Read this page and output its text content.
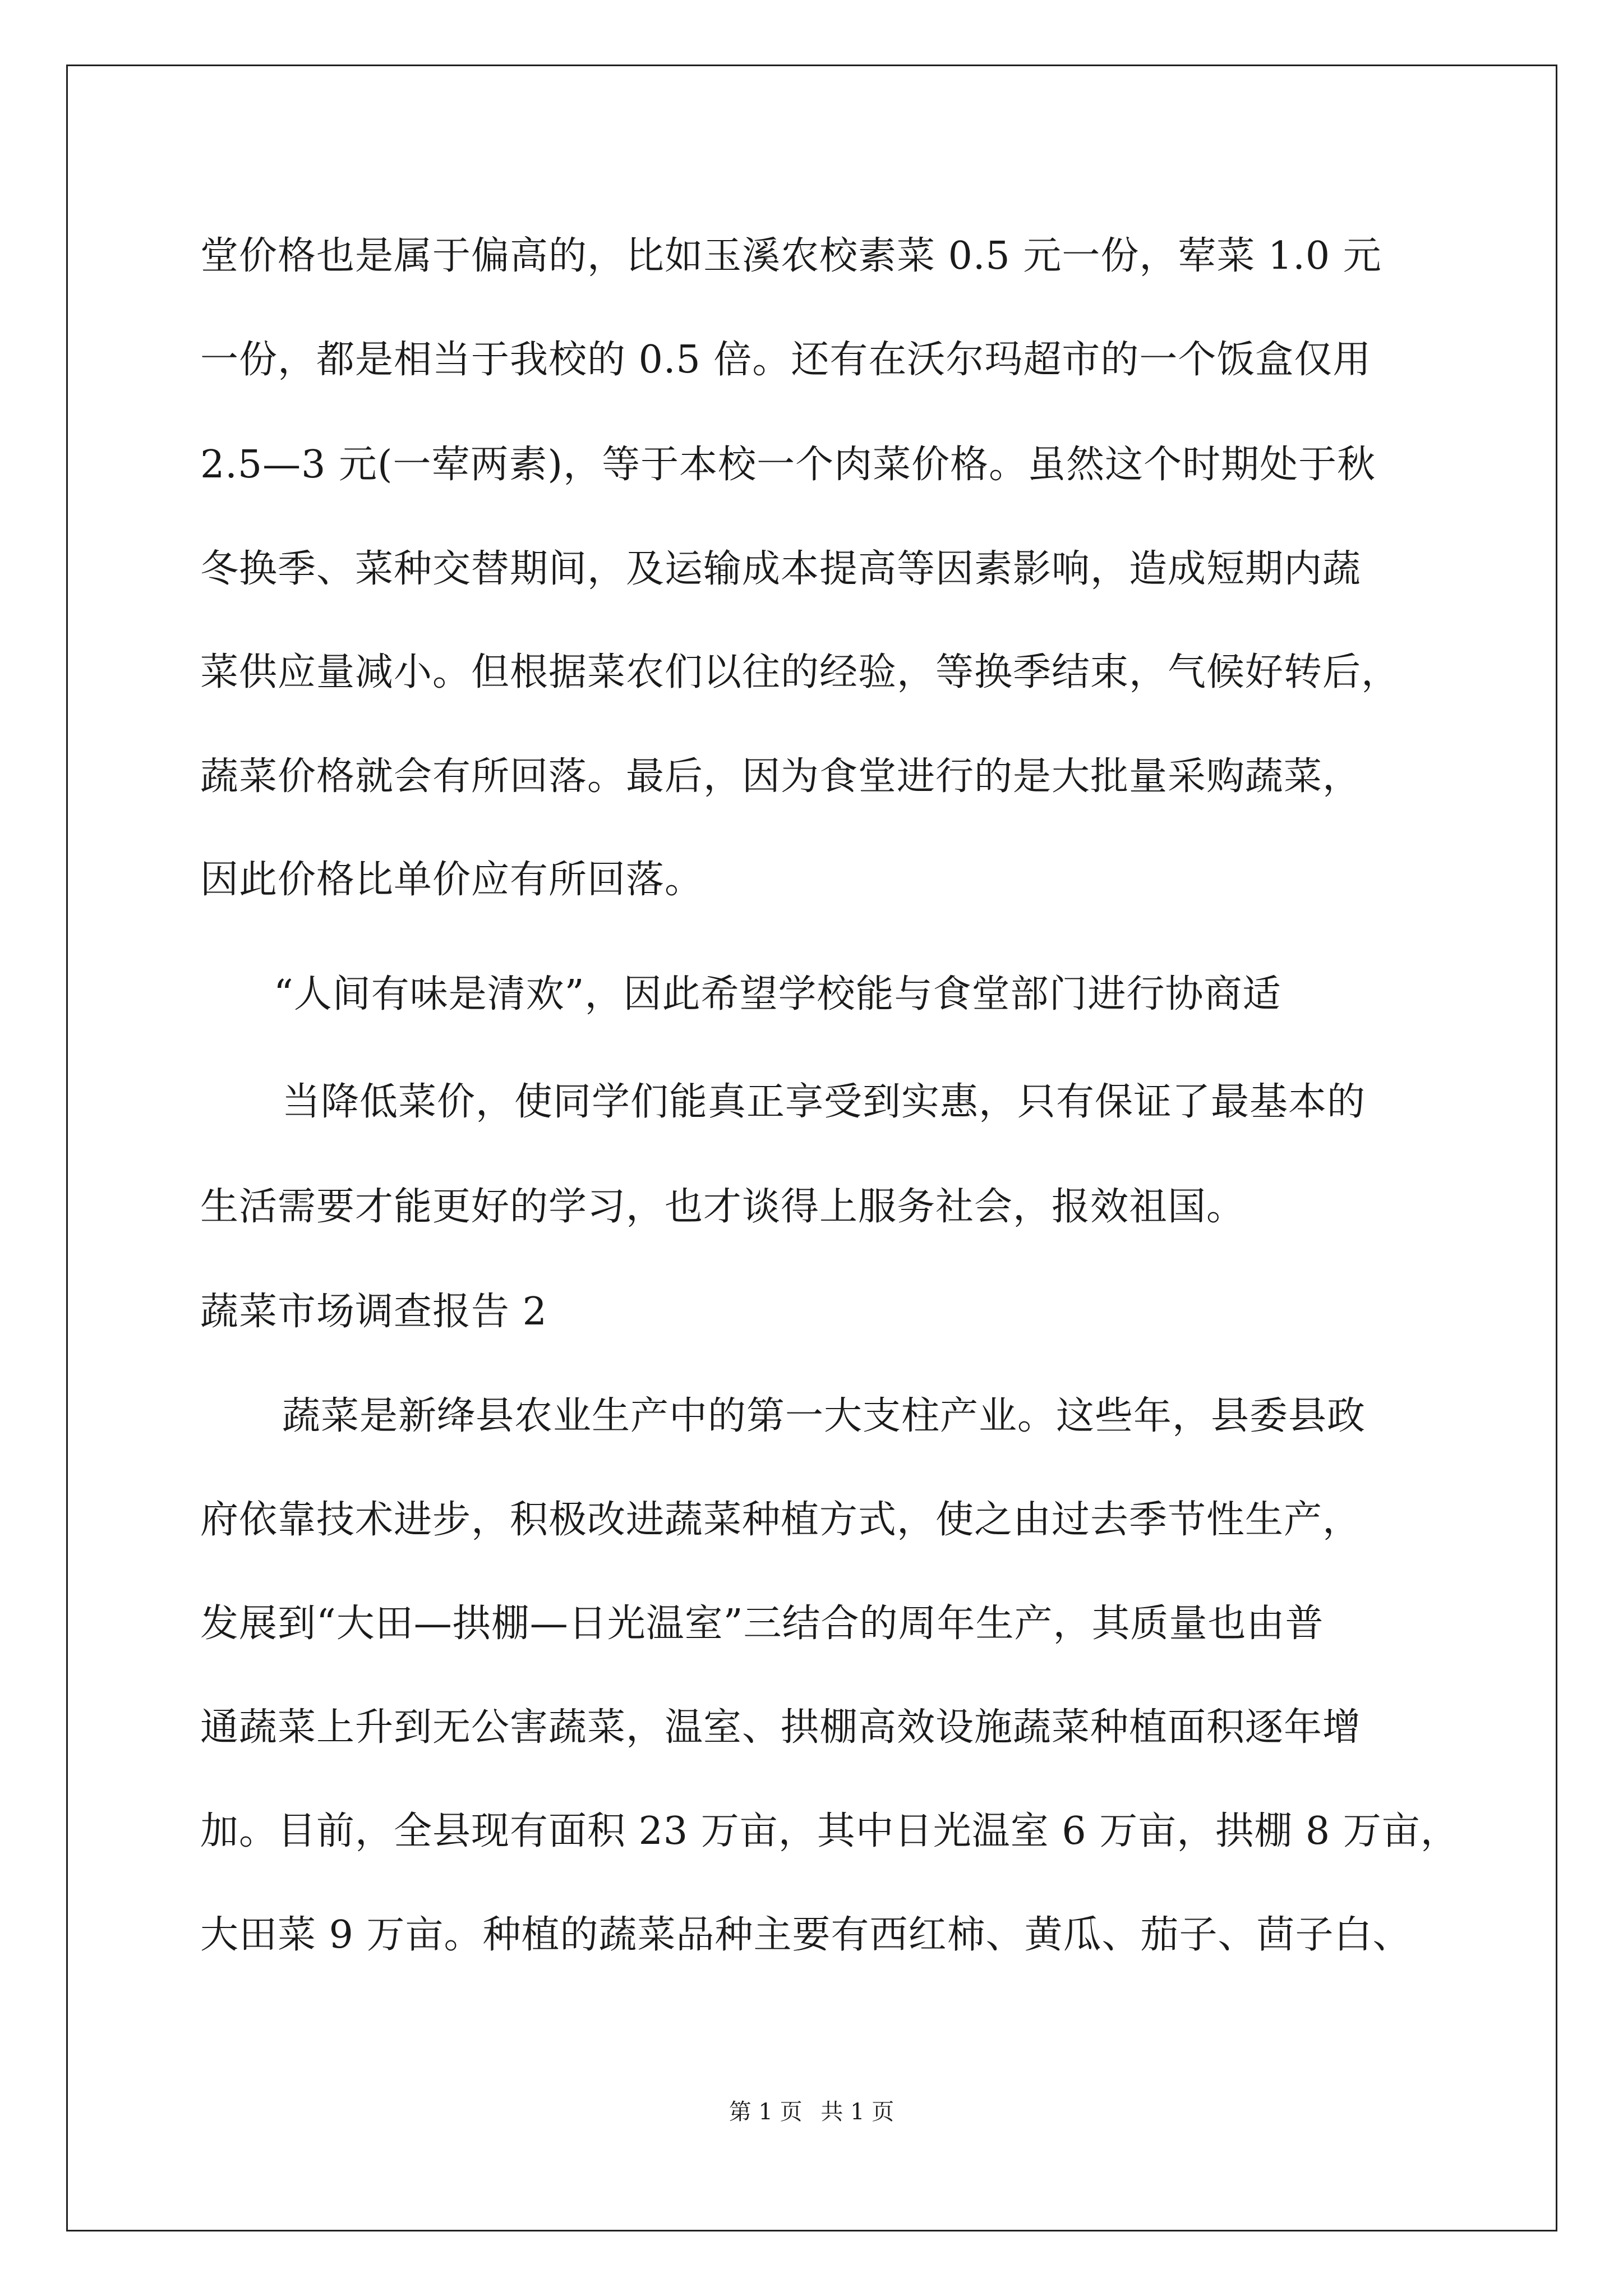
堂价格也是属于偏高的，比如玉溪农校素菜 0.5 元一份，荤菜 1.0 元
一份，都是相当于我校的 0.5 倍。还有在沃尔玛超市的一个饭盒仅用
2.5—3 元(一荤两素)，等于本校一个肉菜价格。虽然这个时期处于秋
冬换季、菜种交替期间，及运输成本提高等因素影响，造成短期内蔬
菜供应量减小。但根据菜农们以往的经验，等换季结束，气候好转后，
蔬菜价格就会有所回落。最后，因为食堂进行的是大批量采购蔬菜，
因此价格比单价应有所回落。
“人间有味是清欢”，因此希望学校能与食堂部门进行协商适
当降低菜价，使同学们能真正享受到实惠，只有保证了最基本的
生活需要才能更好的学习，也才谈得上服务社会，报效祖国。
蔬菜市场调查报告 2
蔬菜是新绛县农业生产中的第一大支柱产业。这些年，县委县政
府依靠技术进步，积极改进蔬菜种植方式，使之由过去季节性生产，
发展到“大田—拱棚—日光温室”三结合的周年生产，其质量也由普
通蔬菜上升到无公害蔬菜，温室、拱棚高效设施蔬菜种植面积逐年增
加。目前，全县现有面积 23 万亩，其中日光温室 6 万亩，拱棚 8 万亩，
大田菜 9 万亩。种植的蔬菜品种主要有西红柿、黄瓜、茄子、茴子白、
第 1 页 共 1 页
